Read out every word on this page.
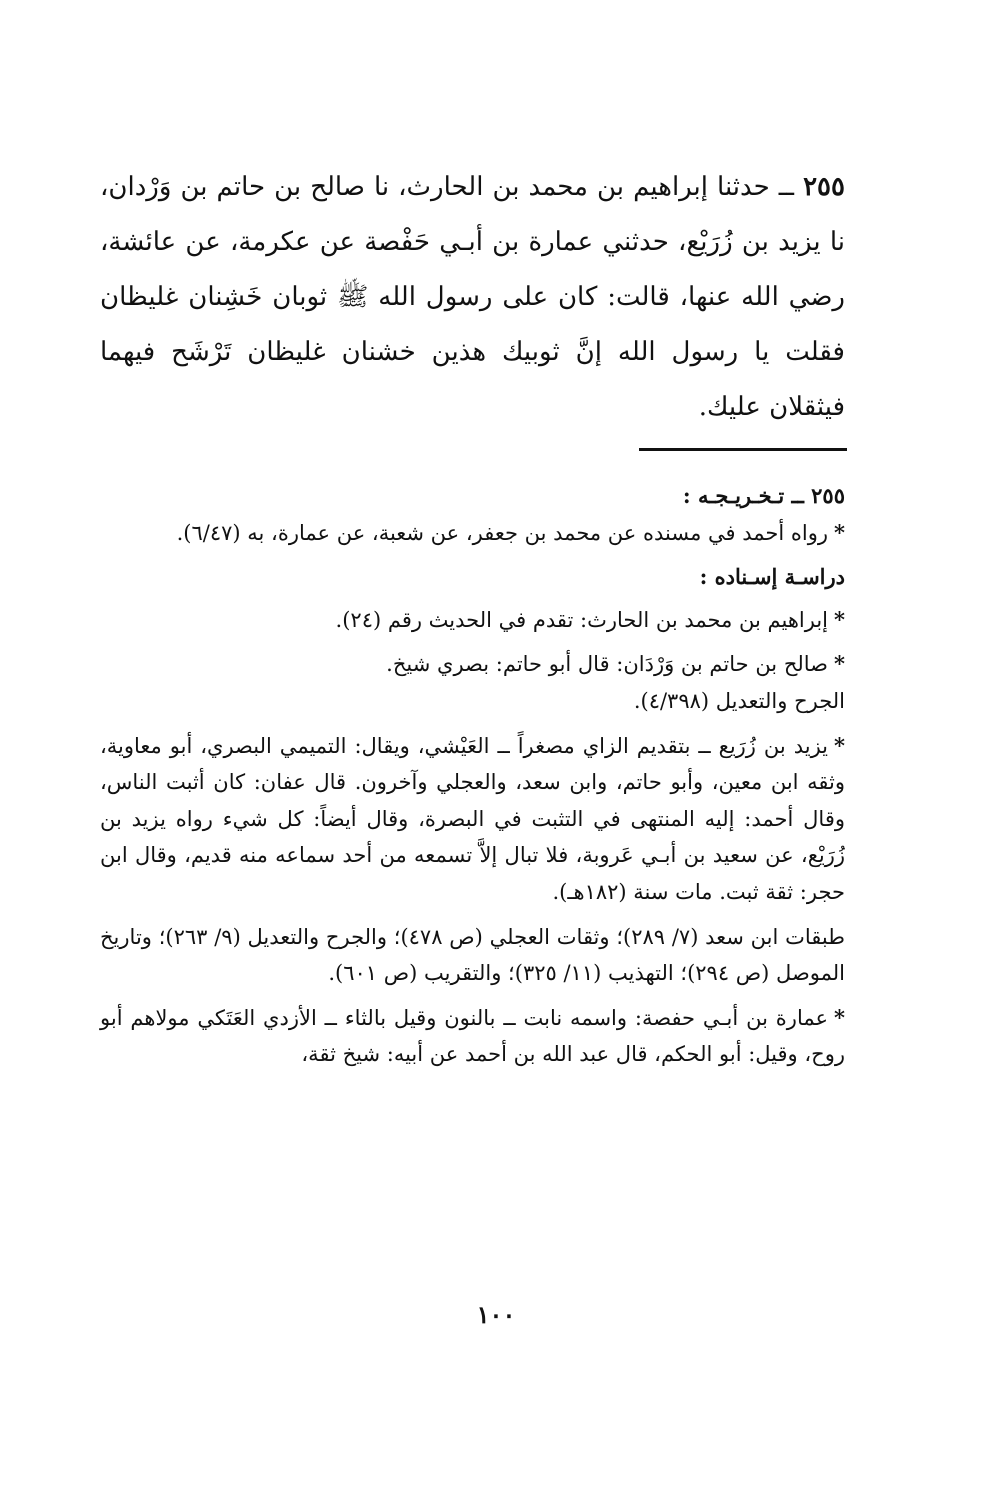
٢٥٥ ــ حدثنا إبراهيم بن محمد بن الحارث، نا صالح بن حاتم بن وَرْدان، نا يزيد بن زُرَيْع، حدثني عمارة بن أبـي حَفْصة عن عكرمة، عن عائشة، رضي الله عنها، قالت: كان على رسول الله ﷺ ثوبان خَشِنان غليظان فقلت يا رسول الله إنَّ ثوبيك هذين خشنان غليظان تَرْشَح فيهما فيثقلان عليك.

٢٥٥ ــ تـخـريـجـه :

*رواه أحمد في مسنده عن محمد بن جعفر، عن شعبة، عن عمارة، به (٦/٤٧).

دراسـة إسـناده :

*إبراهيم بن محمد بن الحارث: تقدم في الحديث رقم (٢٤).

*صالح بن حاتم بن وَرْدَان: قال أبو حاتم: بصري شيخ.

الجرح والتعديل (٤/٣٩٨).

*يزيد بن زُرَيع ــ بتقديم الزاي مصغراً ــ العَيْشي، ويقال: التميمي البصري، أبو معاوية، وثقه ابن معين، وأبو حاتم، وابن سعد، والعجلي وآخرون. قال عفان: كان أثبت الناس، وقال أحمد: إليه المنتهى في التثبت في البصرة، وقال أيضاً: كل شيء رواه يزيد بن زُرَيْع، عن سعيد بن أبـي عَروبة، فلا تبال إلاَّ تسمعه من أحد سماعه منه قديم، وقال ابن حجر: ثقة ثبت. مات سنة (١٨٢هـ).

طبقات ابن سعد (٧/ ٢٨٩)؛ وثقات العجلي (ص ٤٧٨)؛ والجرح والتعديل (٩/ ٢٦٣)؛ وتاريخ الموصل (ص ٢٩٤)؛ التهذيب (١١/ ٣٢٥)؛ والتقريب (ص ٦٠١).

*عمارة بن أبـي حفصة: واسمه نابت ــ بالنون وقيل بالثاء ــ الأزدي العَتَكي مولاهم أبو روح، وقيل: أبو الحكم، قال عبد الله بن أحمد عن أبيه: شيخ ثقة،

١٠٠
